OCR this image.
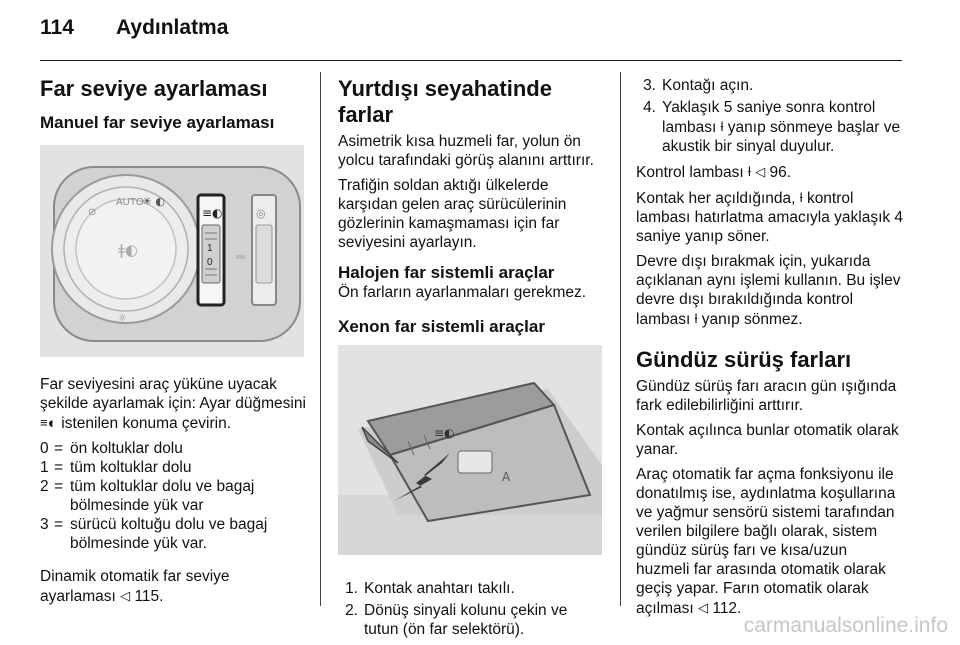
114 Aydınlatma
Far seviye ayarlaması
Manuel far seviye ayarlaması
AUTO
☀ ◐
⊘
ǂ◐
☼
1
0
≡◐	◎

Far seviyesini araç yüküne uyacak şekilde ayarlamak için: Ayar düğmesini ≡◐ istenilen konuma çevirin.

0 = ön koltuklar dolu
1 = tüm koltuklar dolu
2 = tüm koltuklar dolu ve bagaj bölmesinde yük var
3 = sürücü koltuğu dolu ve bagaj bölmesinde yük var.

Dinamik otomatik far seviye ayarlaması ◁ 115.

Yurtdışı seyahatinde farlar

Asimetrik kısa huzmeli far, yolun ön yolcu tarafındaki görüş alanını arttırır.

Trafiğin soldan aktığı ülkelerde karşıdan gelen araç sürücülerinin gözlerinin kamaşmaması için far seviyesini ayarlayın.

Halojen far sistemli araçlar

Ön farların ayarlanmaları gerekmez.

Xenon far sistemli araçlar
≡◐
A
1. Kontak anahtarı takılı.
2. Dönüş sinyali kolunu çekin ve tutun (ön far selektörü).
3. Kontağı açın.
4. Yaklaşık 5 saniye sonra kontrol lambası ƚ yanıp sönmeye başlar ve akustik bir sinyal duyulur.

Kontrol lambası ƚ ◁ 96.

Kontak her açıldığında, ƚ kontrol lambası hatırlatma amacıyla yaklaşık 4 saniye yanıp söner.

Devre dışı bırakmak için, yukarıda açıklanan aynı işlemi kullanın. Bu işlev devre dışı bırakıldığında kontrol lambası ƚ yanıp sönmez.

Gündüz sürüş farları

Gündüz sürüş farı aracın gün ışığında fark edilebilirliğini arttırır.

Kontak açılınca bunlar otomatik olarak yanar.

Araç otomatik far açma fonksiyonu ile donatılmış ise, aydınlatma koşullarına ve yağmur sensörü sistemi tarafından verilen bilgilere bağlı olarak, sistem gündüz sürüş farı ve kısa/uzun huzmeli far arasında otomatik olarak geçiş yapar. Farın otomatik olarak açılması ◁ 112.

carmanualsonline.info
